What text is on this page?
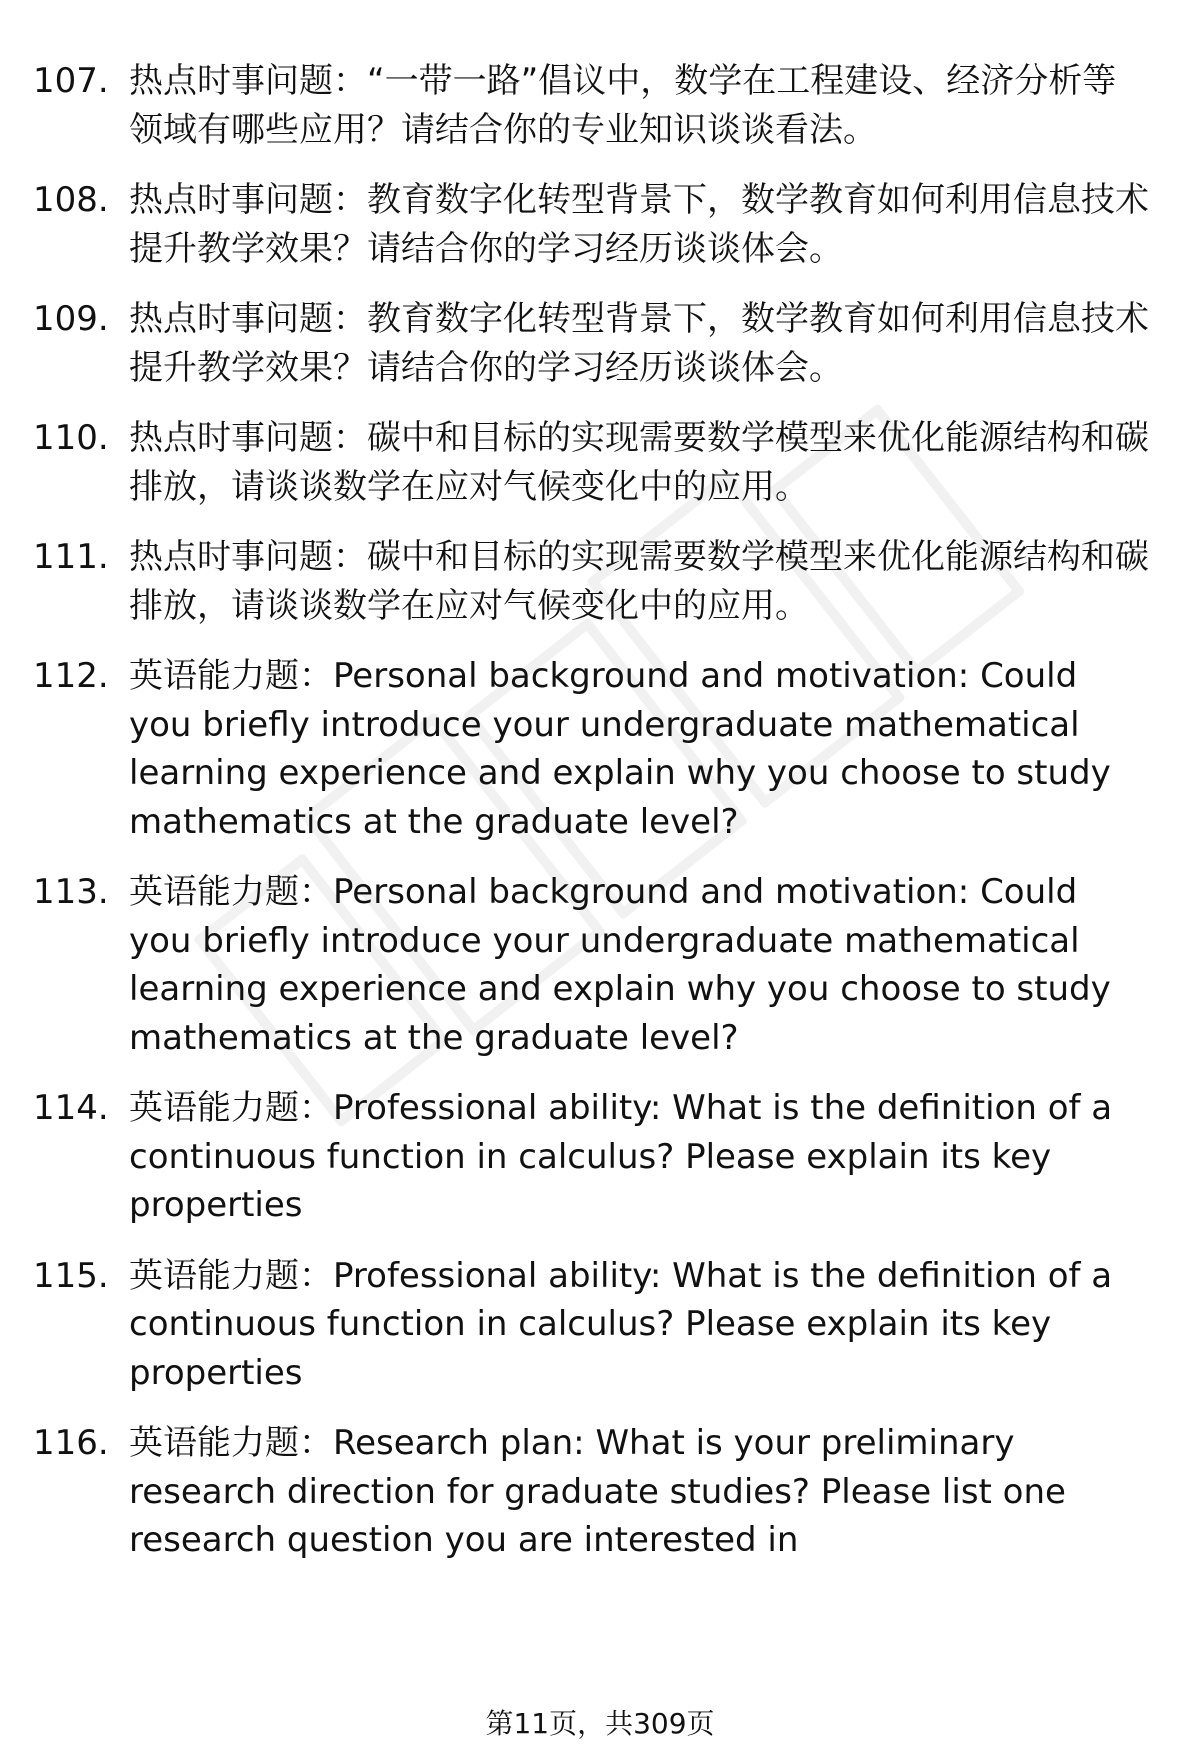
107. 热点时事问题：“一带一路”倡议中，数学在工程建设、经济分析等领域有哪些应用？请结合你的专业知识谈谈看法。
108. 热点时事问题：教育数字化转型背景下，数学教育如何利用信息技术提升教学效果？请结合你的学习经历谈谈体会。
109. 热点时事问题：教育数字化转型背景下，数学教育如何利用信息技术提升教学效果？请结合你的学习经历谈谈体会。
110. 热点时事问题：碳中和目标的实现需要数学模型来优化能源结构和碳排放，请谈谈数学在应对气候变化中的应用。
111. 热点时事问题：碳中和目标的实现需要数学模型来优化能源结构和碳排放，请谈谈数学在应对气候变化中的应用。
112. 英语能力题：Personal background and motivation: Could you briefly introduce your undergraduate mathematical learning experience and explain why you choose to study mathematics at the graduate level?
113. 英语能力题：Personal background and motivation: Could you briefly introduce your undergraduate mathematical learning experience and explain why you choose to study mathematics at the graduate level?
114. 英语能力题：Professional ability: What is the definition of a continuous function in calculus? Please explain its key properties
115. 英语能力题：Professional ability: What is the definition of a continuous function in calculus? Please explain its key properties
116. 英语能力题：Research plan: What is your preliminary research direction for graduate studies? Please list one research question you are interested in
第11页，共309页
